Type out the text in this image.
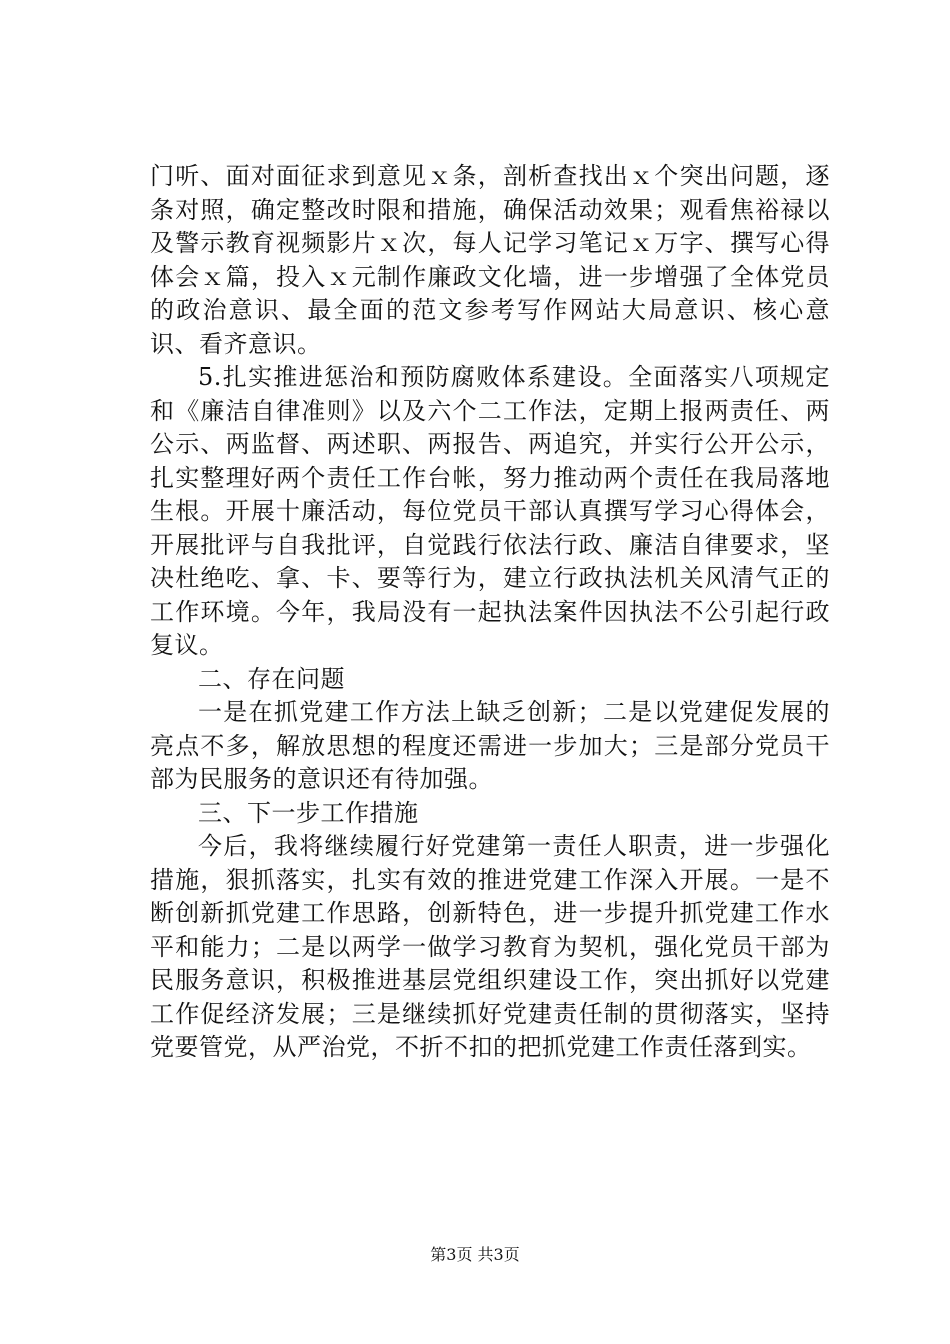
门听、面对面征求到意见ｘ条，剖析查找出ｘ个突出问题，逐条对照，确定整改时限和措施，确保活动效果；观看焦裕禄以及警示教育视频影片ｘ次，每人记学习笔记ｘ万字、撰写心得体会ｘ篇，投入ｘ元制作廉政文化墙，进一步增强了全体党员的政治意识、最全面的范文参考写作网站大局意识、核心意识、看齐意识。

5.扎实推进惩治和预防腐败体系建设。全面落实八项规定和《廉洁自律准则》以及六个二工作法，定期上报两责任、两公示、两监督、两述职、两报告、两追究，并实行公开公示，扎实整理好两个责任工作台帐，努力推动两个责任在我局落地生根。开展十廉活动，每位党员干部认真撰写学习心得体会，开展批评与自我批评，自觉践行依法行政、廉洁自律要求，坚决杜绝吃、拿、卡、要等行为，建立行政执法机关风清气正的工作环境。今年，我局没有一起执法案件因执法不公引起行政复议。

二、存在问题

一是在抓党建工作方法上缺乏创新；二是以党建促发展的亮点不多，解放思想的程度还需进一步加大；三是部分党员干部为民服务的意识还有待加强。

三、下一步工作措施

今后，我将继续履行好党建第一责任人职责，进一步强化措施，狠抓落实，扎实有效的推进党建工作深入开展。一是不断创新抓党建工作思路，创新特色，进一步提升抓党建工作水平和能力；二是以两学一做学习教育为契机，强化党员干部为民服务意识，积极推进基层党组织建设工作，突出抓好以党建工作促经济发展；三是继续抓好党建责任制的贯彻落实，坚持党要管党，从严治党，不折不扣的把抓党建工作责任落到实。

第3页 共3页
